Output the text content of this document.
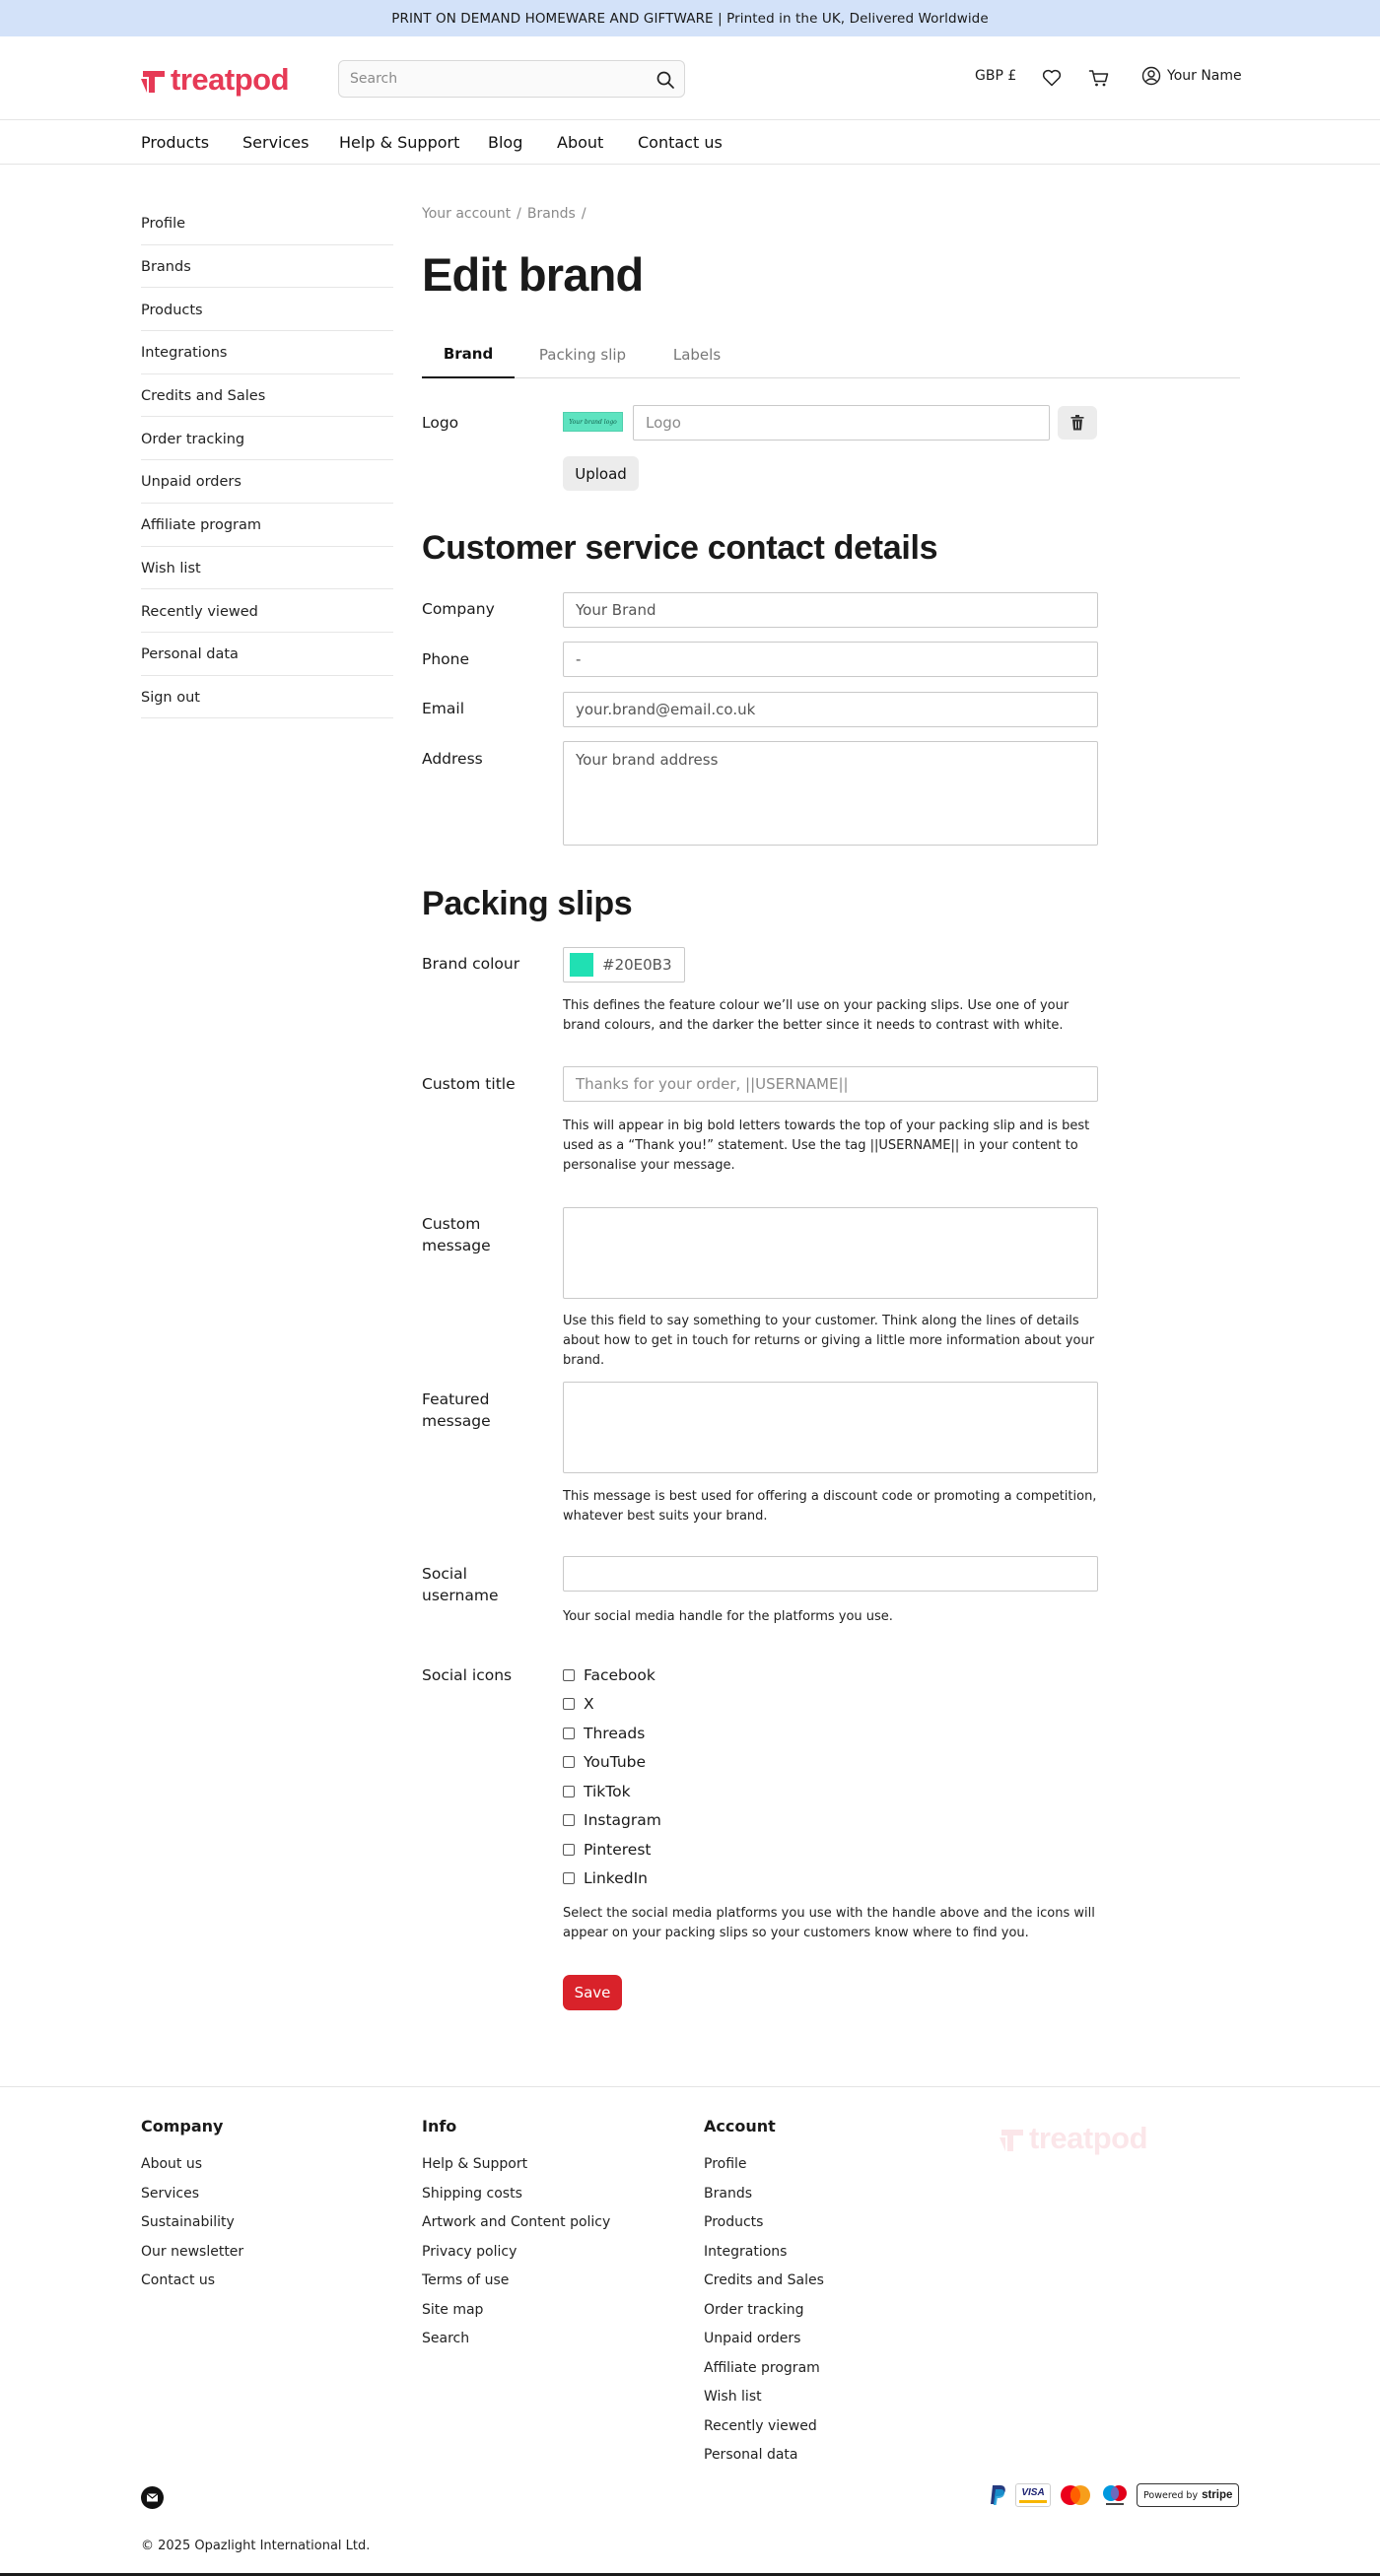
PRINT ON DEMAND HOMEWARE AND GIFTWARE | Printed in the UK, Delivered Worldwide
treatpod
Search	GBP £	Your Name
Products Services Help & Support Blog About Contact us
Profile
Brands
Products
Integrations
Credits and Sales
Order tracking
Unpaid orders
Affiliate program
Wish list
Recently viewed
Personal data
Sign out
Your account / Brands /
Edit brand
Brand	Packing slip	Labels
Logo	Your brand logo	Logo
Upload
Customer service contact details
Company	Your Brand
Phone	-
Email	your.brand@email.co.uk
Address	Your brand address
Packing slips
Brand colour	#20E0B3

This defines the feature colour we’ll use on your packing slips. Use one of your brand colours, and the darker the better since it needs to contrast with white.

Custom title	Thanks for your order, ||USERNAME||

This will appear in big bold letters towards the top of your packing slip and is best used as a “Thank you!” statement. Use the tag ||USERNAME|| in your content to personalise your message.

Custom
message

Use this field to say something to your customer. Think along the lines of details about how to get in touch for returns or giving a little more information about your brand.

Featured
message

This message is best used for offering a discount code or promoting a competition, whatever best suits your brand.

Social
username

Your social media handle for the platforms you use.

Social icons	Facebook
X
Threads
YouTube
TikTok
Instagram
Pinterest
LinkedIn

Select the social media platforms you use with the handle above and the icons will appear on your packing slips so your customers know where to find you.

Save
Company
About us
Services
Sustainability
Our newsletter
Contact us
Info
Help & Support
Shipping costs
Artwork and Content policy
Privacy policy
Terms of use
Site map
Search
Account
Profile
Brands
Products
Integrations
Credits and Sales
Order tracking
Unpaid orders
Affiliate program
Wish list
Recently viewed
Personal data
treatpod
VISA	Powered by stripe
© 2025 Opazlight International Ltd.
